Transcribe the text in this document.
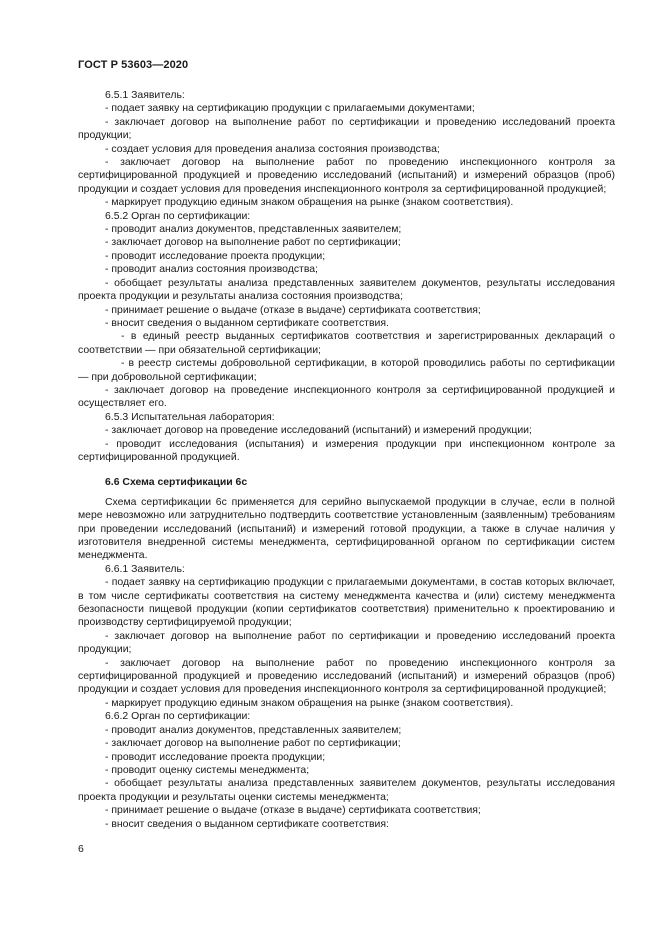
ГОСТ Р 53603—2020

6.5.1 Заявитель:

- подает заявку на сертификацию продукции с прилагаемыми документами;

- заключает договор на выполнение работ по сертификации и проведению исследований проекта продукции;

- создает условия для проведения анализа состояния производства;

- заключает договор на выполнение работ по проведению инспекционного контроля за сертифицированной продукцией и проведению исследований (испытаний) и измерений образцов (проб) продукции и создает условия для проведения инспекционного контроля за сертифицированной продукцией;

- маркирует продукцию единым знаком обращения на рынке (знаком соответствия).

6.5.2 Орган по сертификации:

- проводит анализ документов, представленных заявителем;

- заключает договор на выполнение работ по сертификации;

- проводит исследование проекта продукции;

- проводит анализ состояния производства;

- обобщает результаты анализа представленных заявителем документов, результаты исследования проекта продукции и результаты анализа состояния производства;

- принимает решение о выдаче (отказе в выдаче) сертификата соответствия;

- вносит сведения о выданном сертификате соответствия.

- в единый реестр выданных сертификатов соответствия и зарегистрированных деклараций о соответствии — при обязательной сертификации;

- в реестр системы добровольной сертификации, в которой проводились работы по сертификации — при добровольной сертификации;

- заключает договор на проведение инспекционного контроля за сертифицированной продукцией и осуществляет его.

6.5.3 Испытательная лаборатория:

- заключает договор на проведение исследований (испытаний) и измерений продукции;

- проводит исследования (испытания) и измерения продукции при инспекционном контроле за сертифицированной продукцией.

6.6 Схема сертификации 6с

Схема сертификации 6с применяется для серийно выпускаемой продукции в случае, если в полной мере невозможно или затруднительно подтвердить соответствие установленным (заявленным) требованиям при проведении исследований (испытаний) и измерений готовой продукции, а также в случае наличия у изготовителя внедренной системы менеджмента, сертифицированной органом по сертификации систем менеджмента.

6.6.1 Заявитель:

- подает заявку на сертификацию продукции с прилагаемыми документами, в состав которых включает, в том числе сертификаты соответствия на систему менеджмента качества и (или) систему менеджмента безопасности пищевой продукции (копии сертификатов соответствия) применительно к проектированию и производству сертифицируемой продукции;

- заключает договор на выполнение работ по сертификации и проведению исследований проекта продукции;

- заключает договор на выполнение работ по проведению инспекционного контроля за сертифицированной продукцией и проведению исследований (испытаний) и измерений образцов (проб) продукции и создает условия для проведения инспекционного контроля за сертифицированной продукцией;

- маркирует продукцию единым знаком обращения на рынке (знаком соответствия).

6.6.2 Орган по сертификации:

- проводит анализ документов, представленных заявителем;

- заключает договор на выполнение работ по сертификации;

- проводит исследование проекта продукции;

- проводит оценку системы менеджмента;

- обобщает результаты анализа представленных заявителем документов, результаты исследования проекта продукции и результаты оценки системы менеджмента;

- принимает решение о выдаче (отказе в выдаче) сертификата соответствия;

- вносит сведения о выданном сертификате соответствия:

6
